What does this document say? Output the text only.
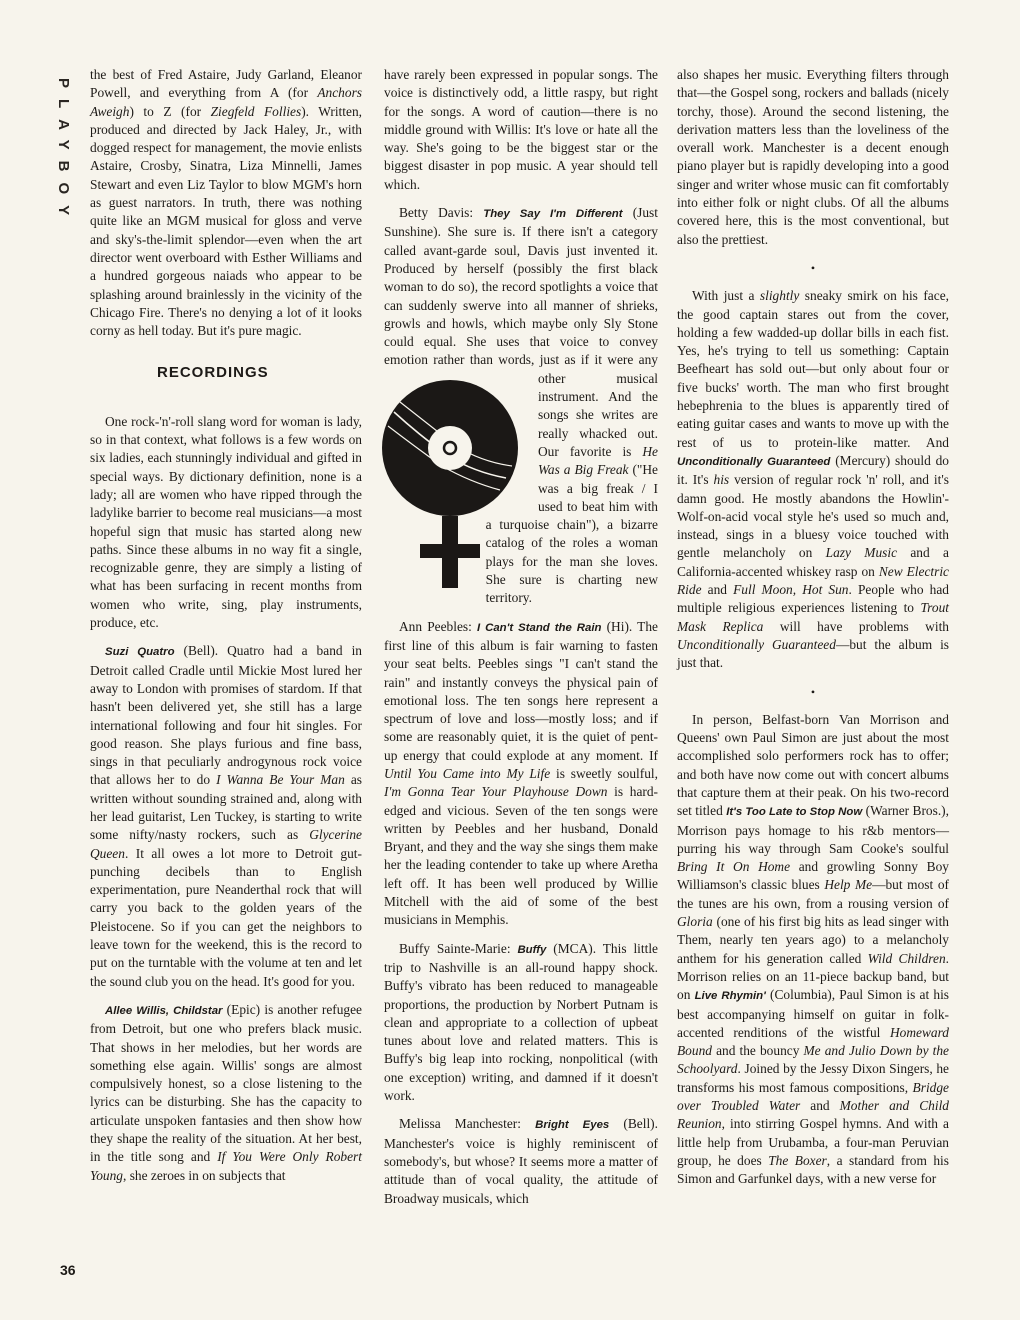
PLAYBOY
36

the best of Fred Astaire, Judy Garland, Eleanor Powell, and everything from A (for Anchors Aweigh) to Z (for Ziegfeld Follies). Written, produced and directed by Jack Haley, Jr., with dogged respect for management, the movie enlists Astaire, Crosby, Sinatra, Liza Minnelli, James Stewart and even Liz Taylor to blow MGM's horn as guest narrators. In truth, there was nothing quite like an MGM musical for gloss and verve and sky's-the-limit splendor—even when the art director went overboard with Esther Williams and a hundred gorgeous naiads who appear to be splashing around brainlessly in the vicinity of the Chicago Fire. There's no denying a lot of it looks corny as hell today. But it's pure magic.

RECORDINGS

One rock-'n'-roll slang word for woman is lady, so in that context, what follows is a few words on six ladies, each stunningly individual and gifted in special ways. By dictionary definition, none is a lady; all are women who have ripped through the ladylike barrier to become real musicians—a most hopeful sign that music has started along new paths. Since these albums in no way fit a single, recognizable genre, they are simply a listing of what has been surfacing in recent months from women who write, sing, play instruments, produce, etc.

Suzi Quatro (Bell). Quatro had a band in Detroit called Cradle until Mickie Most lured her away to London with promises of stardom. If that hasn't been delivered yet, she still has a large international following and four hit singles. For good reason. She plays furious and fine bass, sings in that peculiarly androgynous rock voice that allows her to do I Wanna Be Your Man as written without sounding strained and, along with her lead guitarist, Len Tuckey, is starting to write some nifty/nasty rockers, such as Glycerine Queen. It all owes a lot more to Detroit gut-punching decibels than to English experimentation, pure Neanderthal rock that will carry you back to the golden years of the Pleistocene. So if you can get the neighbors to leave town for the weekend, this is the record to put on the turntable with the volume at ten and let the sound club you on the head. It's good for you.

Allee Willis, Childstar (Epic) is another refugee from Detroit, but one who prefers black music. That shows in her melodies, but her words are something else again. Willis' songs are almost compulsively honest, so a close listening to the lyrics can be disturbing. She has the capacity to articulate unspoken fantasies and then show how they shape the reality of the situation. At her best, in the title song and If You Were Only Robert Young, she zeroes in on subjects that

have rarely been expressed in popular songs. The voice is distinctively odd, a little raspy, but right for the songs. A word of caution—there is no middle ground with Willis: It's love or hate all the way. She's going to be the biggest star or the biggest disaster in pop music. A year should tell which.

Betty Davis: They Say I'm Different (Just Sunshine). She sure is. If there isn't a category called avant-garde soul, Davis just invented it. Produced by herself (possibly the first black woman to do so), the record spotlights a voice that can suddenly swerve into all manner of shrieks, growls and howls, which maybe only Sly Stone could equal. She uses that voice to convey emotion rather than words,
just as if it were any other musical instrument. And the songs she writes are really whacked out. Our favorite is He Was a Big Freak ("He was a big freak / I used to beat him with a turquoise chain"), a bizarre catalog of the roles a woman plays for the man she loves. She sure is charting new territory.

Ann Peebles: I Can't Stand the Rain (Hi). The first line of this album is fair warning to fasten your seat belts. Peebles sings "I can't stand the rain" and instantly conveys the physical pain of emotional loss. The ten songs here represent a spectrum of love and loss—mostly loss; and if some are reasonably quiet, it is the quiet of pent-up energy that could explode at any moment. If Until You Came into My Life is sweetly soulful, I'm Gonna Tear Your Playhouse Down is hard-edged and vicious. Seven of the ten songs were written by Peebles and her husband, Donald Bryant, and they and the way she sings them make her the leading contender to take up where Aretha left off. It has been well produced by Willie Mitchell with the aid of some of the best musicians in Memphis.

Buffy Sainte-Marie: Buffy (MCA). This little trip to Nashville is an all-round happy shock. Buffy's vibrato has been reduced to manageable proportions, the production by Norbert Putnam is clean and appropriate to a collection of upbeat tunes about love and related matters. This is Buffy's big leap into rocking, nonpolitical (with one exception) writing, and damned if it doesn't work.

Melissa Manchester: Bright Eyes (Bell). Manchester's voice is highly reminiscent of somebody's, but whose? It seems more a matter of attitude than of vocal quality, the attitude of Broadway musicals, which

also shapes her music. Everything filters through that—the Gospel song, rockers and ballads (nicely torchy, those). Around the second listening, the derivation matters less than the loveliness of the overall work. Manchester is a decent enough piano player but is rapidly developing into a good singer and writer whose music can fit comfortably into either folk or night clubs. Of all the albums covered here, this is the most conventional, but also the prettiest.

•

With just a slightly sneaky smirk on his face, the good captain stares out from the cover, holding a few wadded-up dollar bills in each fist. Yes, he's trying to tell us something: Captain Beefheart has sold out—but only about four or five bucks' worth. The man who first brought hebephrenia to the blues is apparently tired of eating guitar cases and wants to move up with the rest of us to protein-like matter. And Unconditionally Guaranteed (Mercury) should do it. It's his version of regular rock 'n' roll, and it's damn good. He mostly abandons the Howlin'-Wolf-on-acid vocal style he's used so much and, instead, sings in a bluesy voice touched with gentle melancholy on Lazy Music and a California-accented whiskey rasp on New Electric Ride and Full Moon, Hot Sun. People who had multiple religious experiences listening to Trout Mask Replica will have problems with Unconditionally Guaranteed—but the album is just that.

•

In person, Belfast-born Van Morrison and Queens' own Paul Simon are just about the most accomplished solo performers rock has to offer; and both have now come out with concert albums that capture them at their peak. On his two-record set titled It's Too Late to Stop Now (Warner Bros.), Morrison pays homage to his r&b mentors—purring his way through Sam Cooke's soulful Bring It On Home and growling Sonny Boy Williamson's classic blues Help Me—but most of the tunes are his own, from a rousing version of Gloria (one of his first big hits as lead singer with Them, nearly ten years ago) to a melancholy anthem for his generation called Wild Children. Morrison relies on an 11-piece backup band, but on Live Rhymin' (Columbia), Paul Simon is at his best accompanying himself on guitar in folk-accented renditions of the wistful Homeward Bound and the bouncy Me and Julio Down by the Schoolyard. Joined by the Jessy Dixon Singers, he transforms his most famous compositions, Bridge over Troubled Water and Mother and Child Reunion, into stirring Gospel hymns. And with a little help from Urubamba, a four-man Peruvian group, he does The Boxer, a standard from his Simon and Garfunkel days, with a new verse for
